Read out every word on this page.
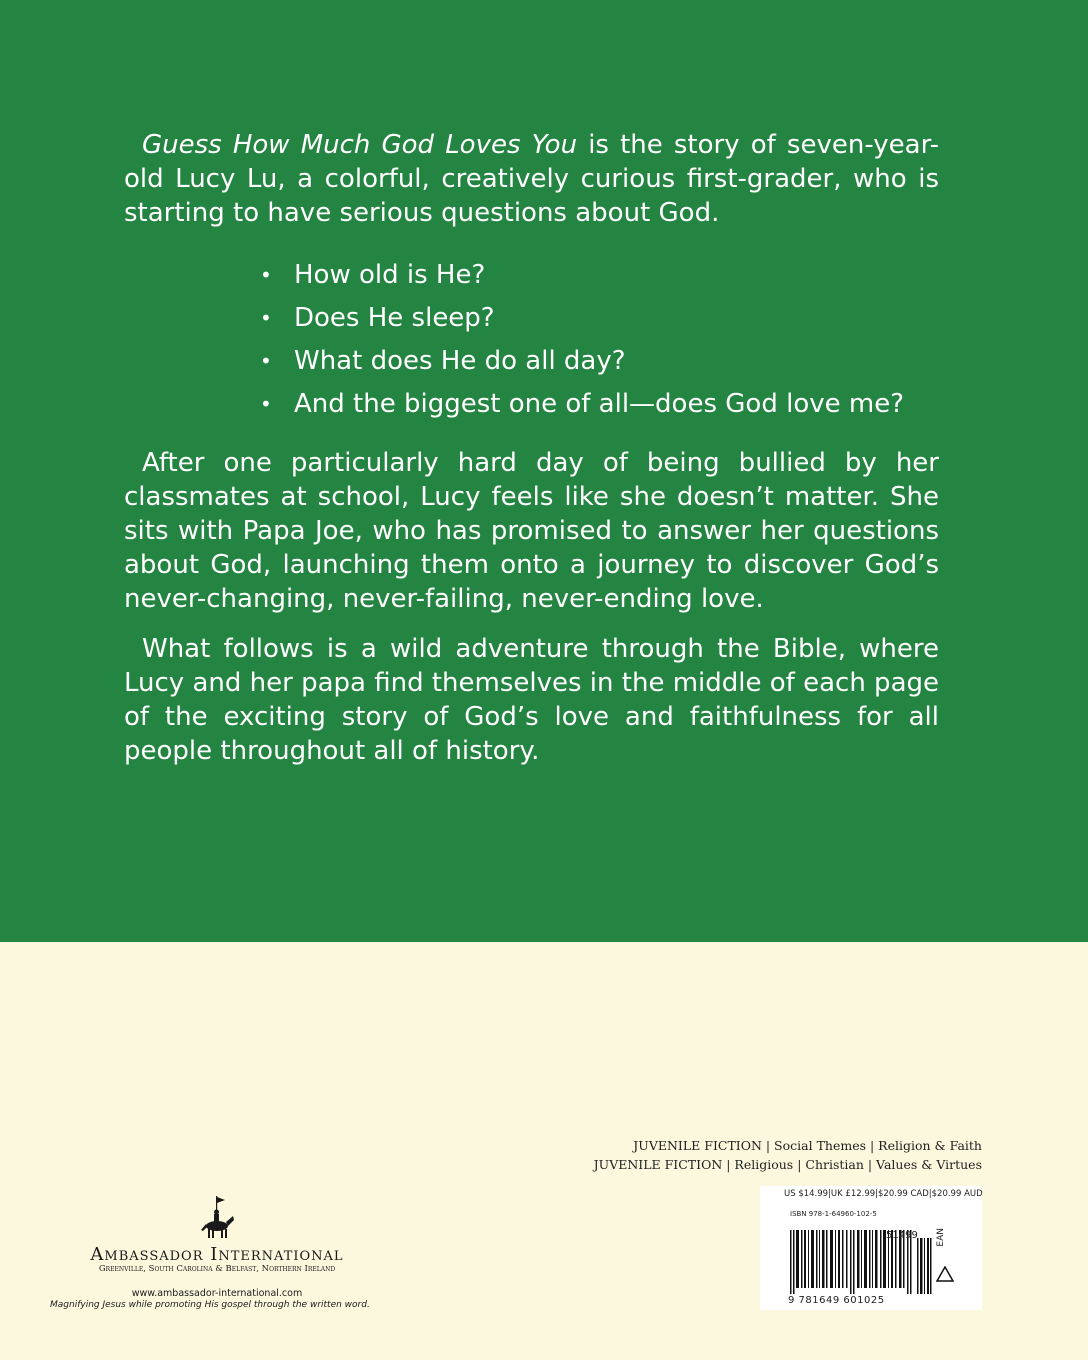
Guess How Much God Loves You is the story of seven-year-old Lucy Lu, a colorful, creatively curious first-grader, who is starting to have serious questions about God.

• How old is He?
• Does He sleep?
• What does He do all day?
• And the biggest one of all—does God love me?

After one particularly hard day of being bullied by her classmates at school, Lucy feels like she doesn’t matter. She sits with Papa Joe, who has promised to answer her questions about God, launching them onto a journey to discover God’s never-changing, never-failing, never-ending love.

What follows is a wild adventure through the Bible, where Lucy and her papa find themselves in the middle of each page of the exciting story of God’s love and faithfulness for all people throughout all of history.

JUVENILE FICTION | Social Themes | Religion & Faith
JUVENILE FICTION | Religious | Christian | Values & Virtues
US $14.99|UK £12.99|$20.99 CAD|$20.99 AUD
ISBN 978-1-64960-102-5
51499 EAN
9 781649 601025
Ambassador International
Greenville, South Carolina & Belfast, Northern Ireland
www.ambassador-international.com
Magnifying Jesus while promoting His gospel through the written word.
